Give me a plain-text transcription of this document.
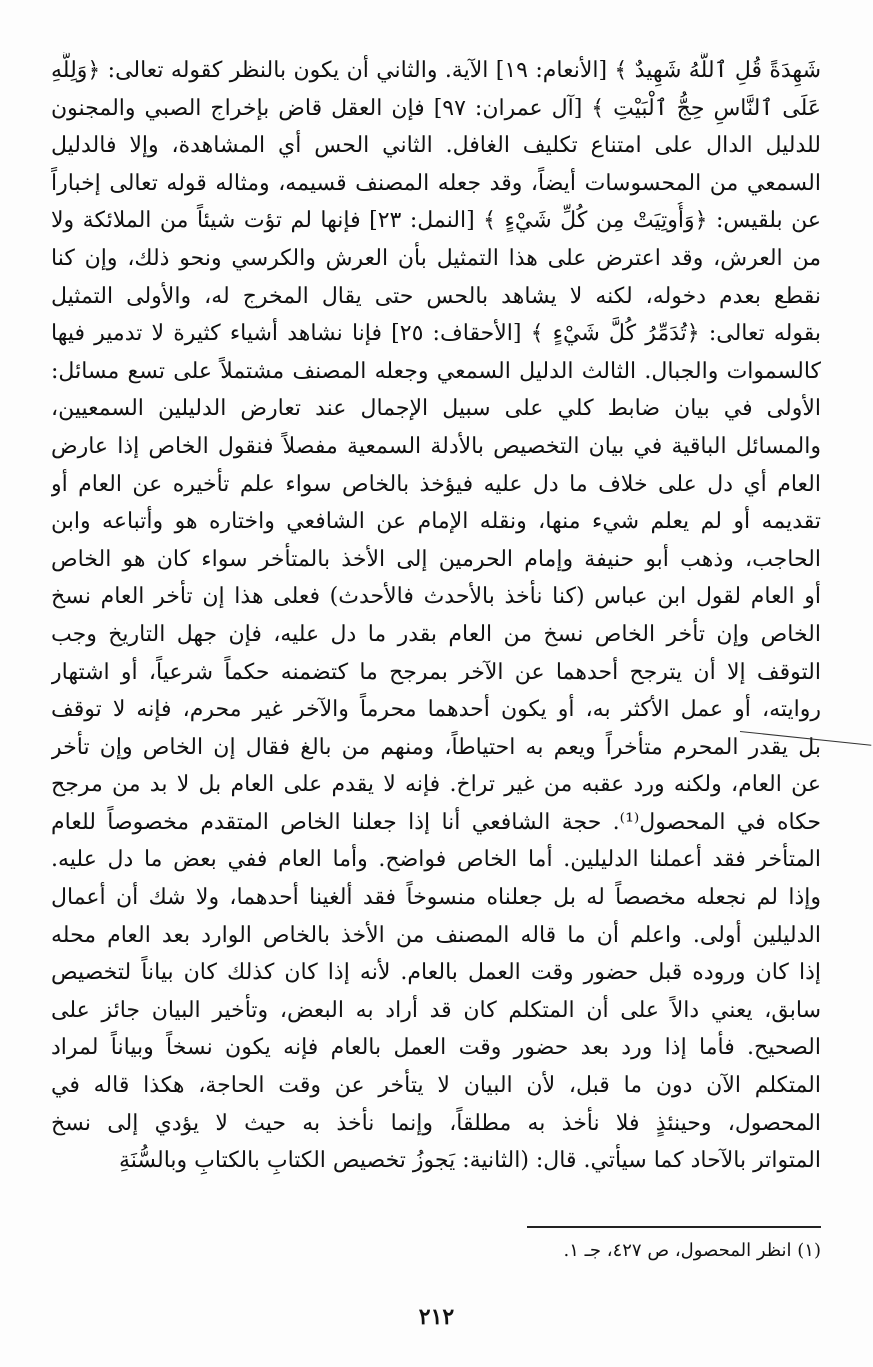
شَهِدَةً قُلِ ٱللَّهُ شَهِيدٌ ﴾ [الأنعام: ١٩] الآية. والثاني أن يكون بالنظر كقوله تعالى: ﴿وَلِلَّهِ
عَلَى ٱلنَّاسِ حِجُّ ٱلْبَيْتِ ﴾ [آل عمران: ٩٧] فإن العقل قاض بإخراج الصبي والمجنون
للدليل الدال على امتناع تكليف الغافل. الثاني الحس أي المشاهدة، وإلا فالدليل
السمعي من المحسوسات أيضاً، وقد جعله المصنف قسيمه، ومثاله قوله تعالى إخباراً
عن بلقيس: ﴿وَأُوتِيَتْ مِن كُلِّ شَيْءٍ ﴾ [النمل: ٢٣] فإنها لم تؤت شيئاً من الملائكة ولا
من العرش، وقد اعترض على هذا التمثيل بأن العرش والكرسي ونحو ذلك، وإن كنا
نقطع بعدم دخوله، لكنه لا يشاهد بالحس حتى يقال المخرج له، والأولى التمثيل
بقوله تعالى: ﴿تُدَمِّرُ كُلَّ شَيْءٍ ﴾ [الأحقاف: ٢٥] فإنا نشاهد أشياء كثيرة لا تدمير فيها
كالسموات والجبال. الثالث الدليل السمعي وجعله المصنف مشتملاً على تسع مسائل:
الأولى في بيان ضابط كلي على سبيل الإجمال عند تعارض الدليلين السمعيين،
والمسائل الباقية في بيان التخصيص بالأدلة السمعية مفصلاً فنقول الخاص إذا عارض
العام أي دل على خلاف ما دل عليه فيؤخذ بالخاص سواء علم تأخيره عن العام أو
تقديمه أو لم يعلم شيء منها، ونقله الإمام عن الشافعي واختاره هو وأتباعه وابن
الحاجب، وذهب أبو حنيفة وإمام الحرمين إلى الأخذ بالمتأخر سواء كان هو الخاص
أو العام لقول ابن عباس (كنا نأخذ بالأحدث فالأحدث) فعلى هذا إن تأخر العام نسخ
الخاص وإن تأخر الخاص نسخ من العام بقدر ما دل عليه، فإن جهل التاريخ وجب
التوقف إلا أن يترجح أحدهما عن الآخر بمرجح ما كتضمنه حكماً شرعياً، أو اشتهار
روايته، أو عمل الأكثر به، أو يكون أحدهما محرماً والآخر غير محرم، فإنه لا توقف
بل يقدر المحرم متأخراً ويعم به احتياطاً، ومنهم من بالغ فقال إن الخاص وإن تأخر
عن العام، ولكنه ورد عقبه من غير تراخ. فإنه لا يقدم على العام بل لا بد من مرجح
حكاه في المحصول⁽¹⁾. حجة الشافعي أنا إذا جعلنا الخاص المتقدم مخصوصاً للعام
المتأخر فقد أعملنا الدليلين. أما الخاص فواضح. وأما العام ففي بعض ما دل عليه.
وإذا لم نجعله مخصصاً له بل جعلناه منسوخاً فقد ألغينا أحدهما، ولا شك أن أعمال
الدليلين أولى. واعلم أن ما قاله المصنف من الأخذ بالخاص الوارد بعد العام محله
إذا كان وروده قبل حضور وقت العمل بالعام. لأنه إذا كان كذلك كان بياناً لتخصيص
سابق، يعني دالاً على أن المتكلم كان قد أراد به البعض، وتأخير البيان جائز على
الصحيح. فأما إذا ورد بعد حضور وقت العمل بالعام فإنه يكون نسخاً وبياناً لمراد
المتكلم الآن دون ما قبل، لأن البيان لا يتأخر عن وقت الحاجة، هكذا قاله في
المحصول، وحينئذٍ فلا نأخذ به مطلقاً، وإنما نأخذ به حيث لا يؤدي إلى نسخ
المتواتر بالآحاد كما سيأتي. قال: (الثانية: يَجوزُ تخصيص الكتابِ بالكتابِ وبالسُّنَةِ
(١) انظر المحصول، ص ٤٢٧، جـ ١.
٢١٢
